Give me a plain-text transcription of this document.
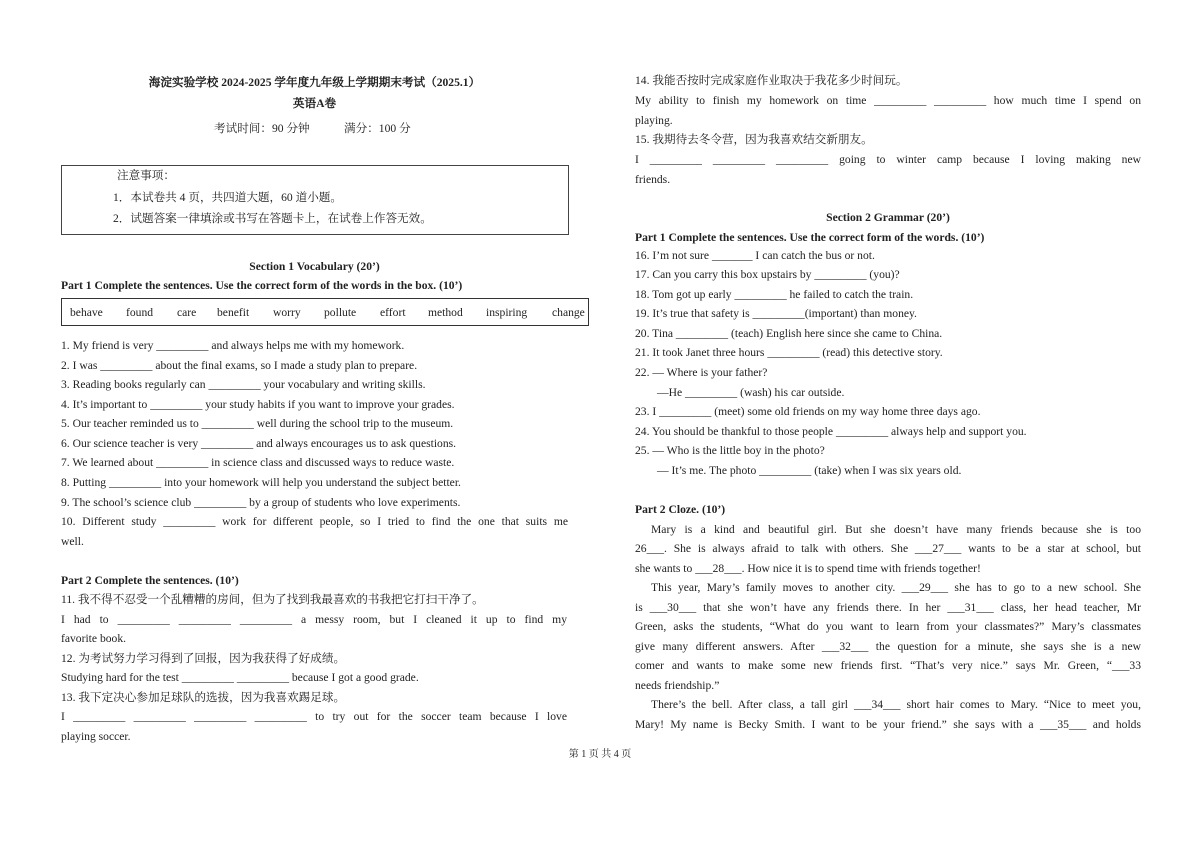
海淀实验学校 2024-2025 学年度九年级上学期期末考试（2025.1）
英语A卷
考试时间：90 分钟	满分：100 分
注意事项：
1．本试卷共 4 页，共四道大题，60 道小题。
2．试题答案一律填涂或书写在答题卡上，在试卷上作答无效。
Section 1 Vocabulary (20’)
Part 1 Complete the sentences. Use the correct form of the words in the box. (10’)
1. My friend is very _________ and always helps me with my homework.
2. I was _________ about the final exams, so I made a study plan to prepare.
3. Reading books regularly can _________ your vocabulary and writing skills.
4. It’s important to _________ your study habits if you want to improve your grades.
5. Our teacher reminded us to _________ well during the school trip to the museum.
6. Our science teacher is very _________ and always encourages us to ask questions.
7. We learned about _________ in science class and discussed ways to reduce waste.
8. Putting _________ into your homework will help you understand the subject better.
9. The school’s science club _________ by a group of students who love experiments.
10. Different study _________ work for different people, so I tried to find the one that suits me
well.
Part 2 Complete the sentences. (10’)
11. 我不得不忍受一个乱糟糟的房间，但为了找到我最喜欢的书我把它打扫干净了。
I had to _________ _________ _________ a messy room, but I cleaned it up to find my
favorite book.
12. 为考试努力学习得到了回报，因为我获得了好成绩。
Studying hard for the test _________ _________ because I got a good grade.
13. 我下定决心参加足球队的选拔，因为我喜欢踢足球。
I _________ _________ _________ _________ to try out for the soccer team because I love
playing soccer.
behave found care benefit worry pollute effort method inspiring change
14. 我能否按时完成家庭作业取决于我花多少时间玩。
My ability to finish my homework on time _________ _________ how much time I spend on
playing.
15. 我期待去冬令营，因为我喜欢结交新朋友。
I _________ _________ _________ going to winter camp because I loving making new
friends.
Section 2 Grammar (20’)
Part 1 Complete the sentences. Use the correct form of the words. (10’)
16. I’m not sure _______ I can catch the bus or not.
17. Can you carry this box upstairs by _________ (you)?
18. Tom got up early _________ he failed to catch the train.
19. It’s true that safety is _________(important) than money.
20. Tina _________ (teach) English here since she came to China.
21. It took Janet three hours _________ (read) this detective story.
22. — Where is your father?
—He _________ (wash) his car outside.
23. I _________ (meet) some old friends on my way home three days ago.
24. You should be thankful to those people _________ always help and support you.
25. — Who is the little boy in the photo?
— It’s me. The photo _________ (take) when I was six years old.
Part 2 Cloze. (10’)
Mary is a kind and beautiful girl. But she doesn’t have many friends because she is too
26___. She is always afraid to talk with others. She ___27___ wants to be a star at school, but
she wants to ___28___. How nice it is to spend time with friends together!
This year, Mary’s family moves to another city. ___29___ she has to go to a new school. She
is ___30___ that she won’t have any friends there. In her ___31___ class, her head teacher, Mr
Green, asks the students, “What do you want to learn from your classmates?” Mary’s classmates
give many different answers. After ___32___ the question for a minute, she says she is a new
comer and wants to make some new friends first. “That’s very nice.” says Mr. Green, “___33
needs friendship.”
There’s the bell. After class, a tall girl ___34___ short hair comes to Mary. “Nice to meet you,
Mary! My name is Becky Smith. I want to be your friend.” she says with a ___35___ and holds
第 1 页 共 4 页
